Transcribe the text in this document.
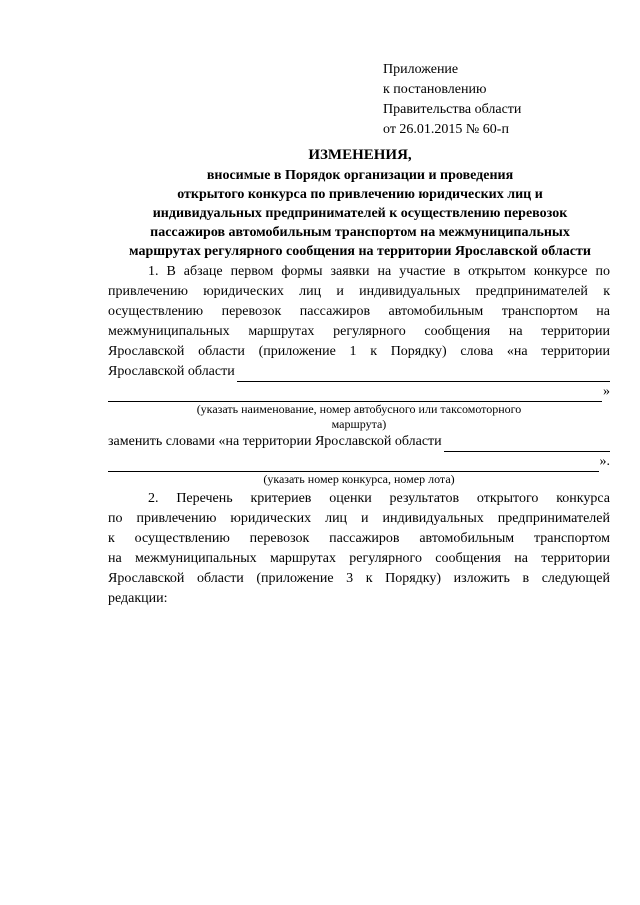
Приложение
к постановлению
Правительства области
от 26.01.2015 № 60-п
ИЗМЕНЕНИЯ,
вносимые в Порядок организации и проведения
открытого конкурса по привлечению юридических лиц и
индивидуальных предпринимателей к осуществлению перевозок
пассажиров автомобильным транспортом на межмуниципальных
маршрутах регулярного сообщения на территории Ярославской области
1. В абзаце первом формы заявки на участие в открытом конкурсе по
привлечению юридических лиц и индивидуальных предпринимателей к
осуществлению перевозок пассажиров автомобильным транспортом на
межмуниципальных маршрутах регулярного сообщения на территории
Ярославской области (приложение 1 к Порядку) слова «на территории
Ярославской области
»
(указать наименование, номер автобусного или таксомоторного
маршрута)
заменить словами «на территории Ярославской области
».
(указать номер конкурса, номер лота)
2. Перечень критериев оценки результатов открытого конкурса
по привлечению юридических лиц и индивидуальных предпринимателей
к осуществлению перевозок пассажиров автомобильным транспортом
на межмуниципальных маршрутах регулярного сообщения на территории
Ярославской области (приложение 3 к Порядку) изложить в следующей
редакции:
